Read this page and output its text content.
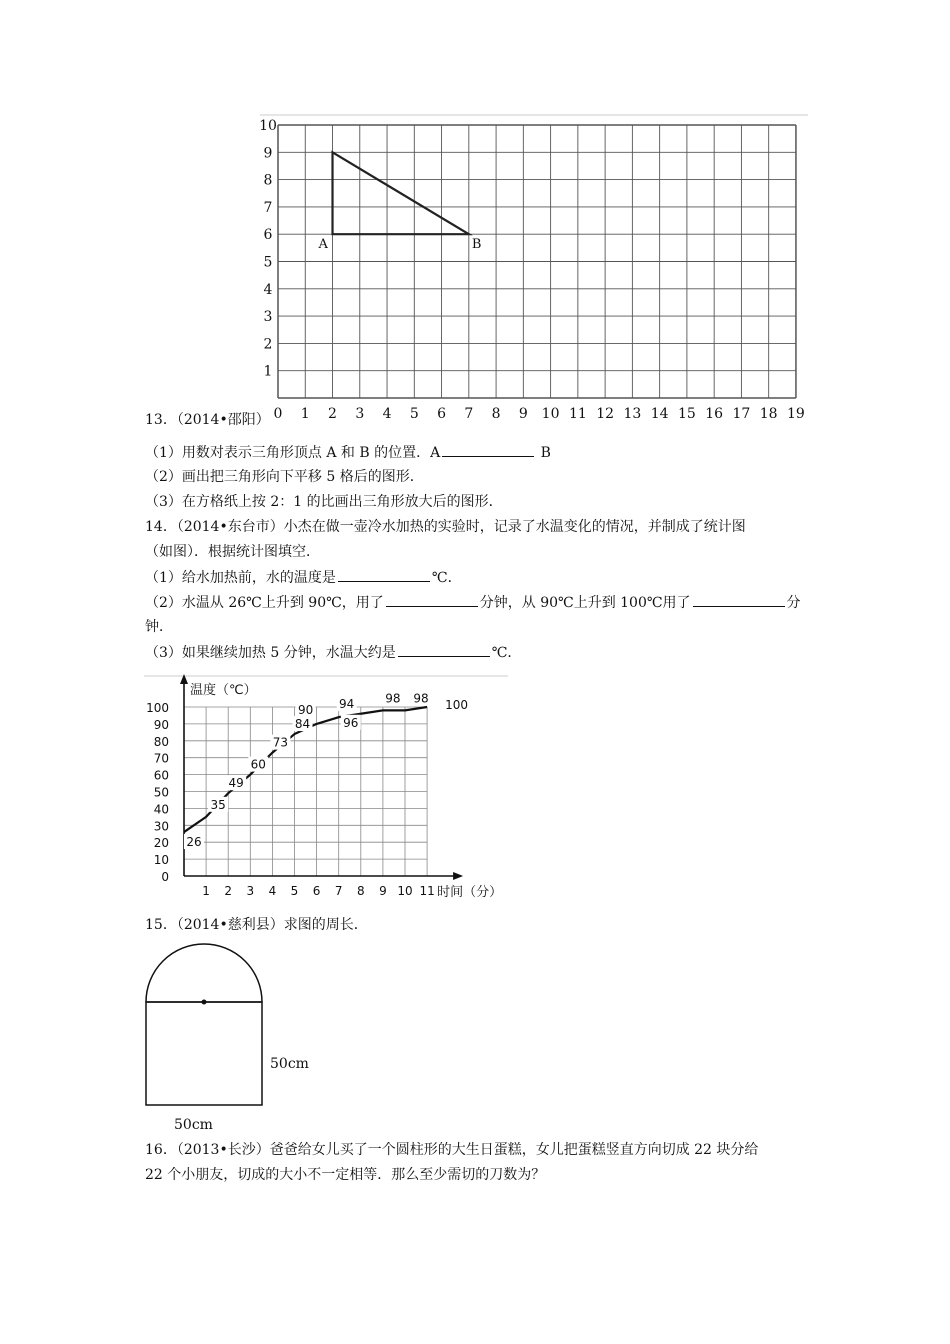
0 1 2 3 4 5 6 7 8 9 10 11 12 13 14 15 16 17 18 19
1
2
3
4
5
6
7
8
9
10
A	B
13．（2014•邵阳）
（1）用数对表示三角形顶点 A 和 B 的位置．A	B
（2）画出把三角形向下平移 5 格后的图形．
（3）在方格纸上按 2：1 的比画出三角形放大后的图形．
14．（2014•东台市）小杰在做一壶冷水加热的实验时，记录了水温变化的情况，并制成了统计图
（如图）．根据统计图填空．
（1）给水加热前，水的温度是	℃．
（2）水温从 26℃上升到 90℃，用了	分钟，从 90℃上升到 100℃用了	分
钟．
（3）如果继续加热 5 分钟，水温大约是	℃．
温度（℃）
时间（分）
0
10
20
30
40
50
60
70
80
90
100
1 2 3 4 5 6 7 8 9 10 11
26
35
49
60
73
84
90 94
96
98 98 100
15．（2014•慈利县）求图的周长．
50cm
50cm
16．（2013•长沙）爸爸给女儿买了一个圆柱形的大生日蛋糕，女儿把蛋糕竖直方向切成 22 块分给
22 个小朋友，切成的大小不一定相等．那么至少需切的刀数为？
